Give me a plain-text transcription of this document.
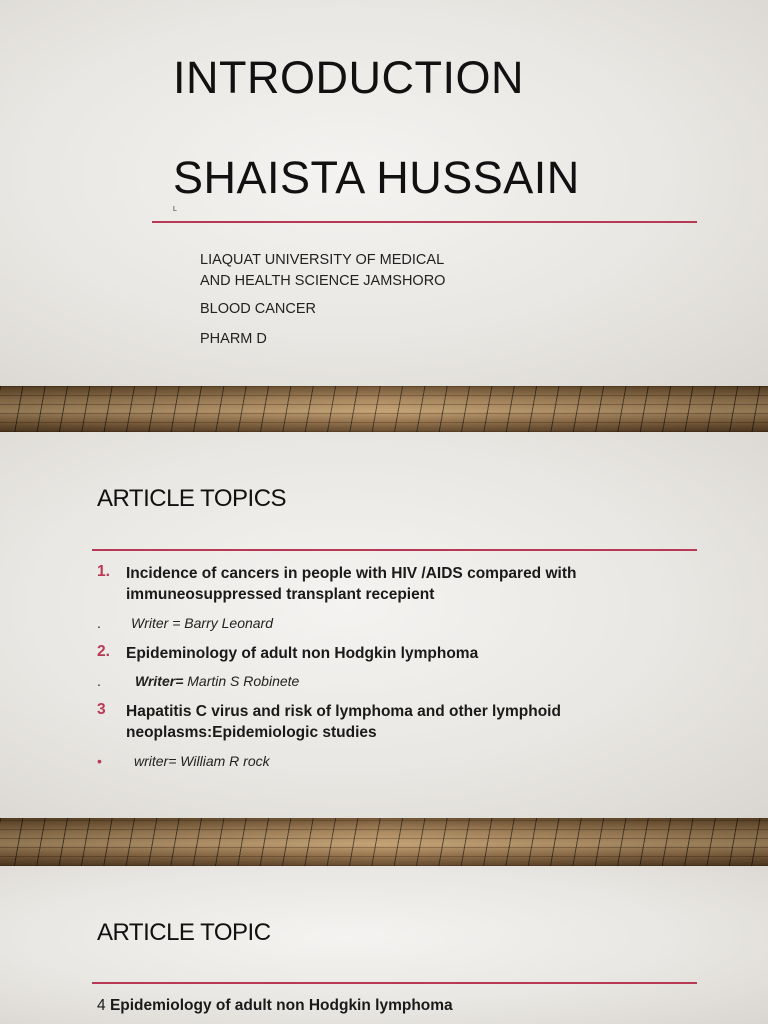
INTRODUCTION
SHAISTA HUSSAIN
L
LIAQUAT UNIVERSITY OF MEDICAL AND HEALTH SCIENCE JAMSHORO
BLOOD CANCER
PHARM D
ARTICLE TOPICS
1. Incidence of cancers in people with HIV /AIDS compared with immuneosuppressed transplant recepient
. Writer = Barry Leonard
2. Epideminology of adult non Hodgkin lymphoma
. Writer= Martin S Robinete
3 Hapatitis C virus and risk of lymphoma and other lymphoid neoplasms:Epidemiologic studies
• writer= William R rock
ARTICLE TOPIC
4 Epidemiology of adult non Hodgkin lymphoma
